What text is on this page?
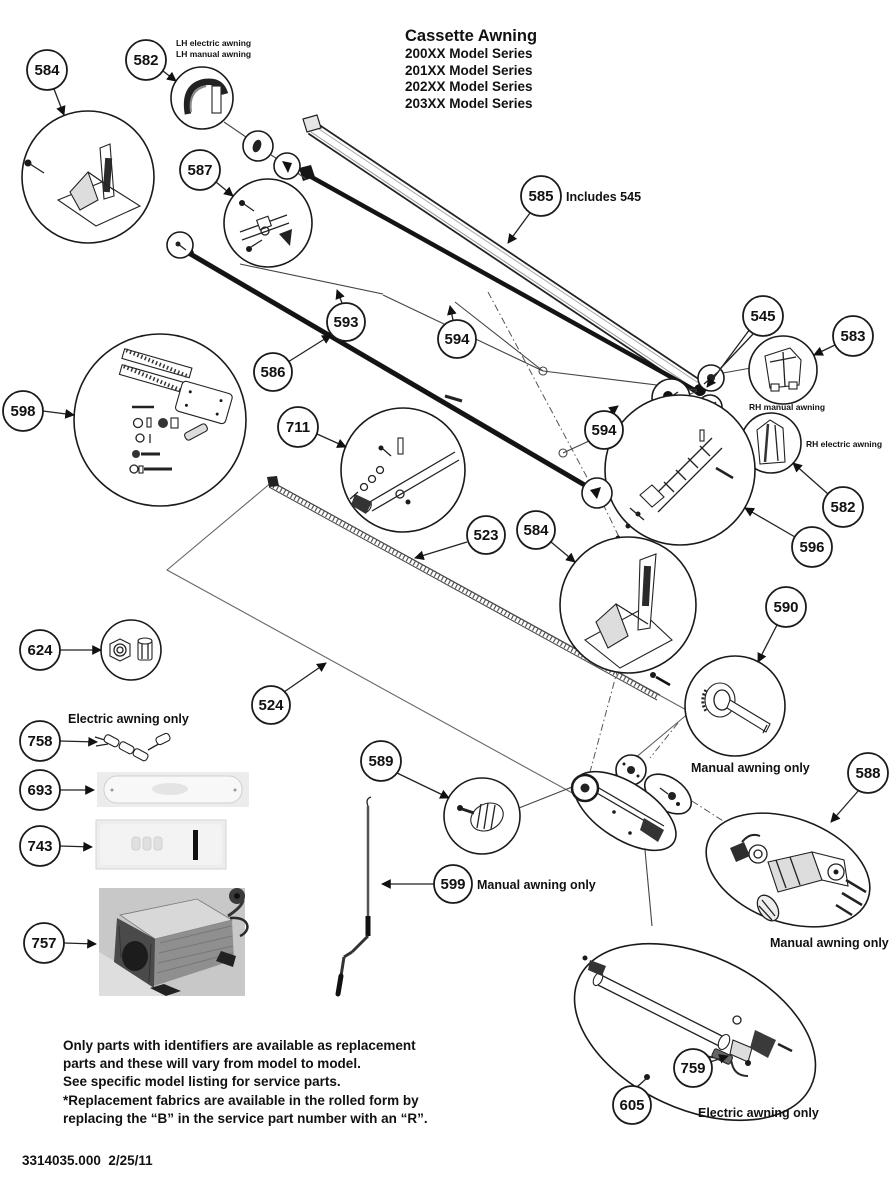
Cassette Awning
200XX Model Series
201XX Model Series
202XX Model Series
203XX Model Series
584
582
587
585
593
594
586
598
711
545
583
582
596
594
523 584
590
624
758
693
743
757
524
589
599
588
759
605
LH electric awning
LH manual awning
Includes 545
RH manual awning
RH electric awning
Manual awning only
Manual awning only
Manual awning only
Electric awning only
Electric awning only
Only parts with identifiers are available as replacement
parts and these will vary from model to model.
See specific model listing for service parts.
*Replacement fabrics are available in the rolled form by
replacing the “B” in the service part number with an “R”.
3314035.000  2/25/11
